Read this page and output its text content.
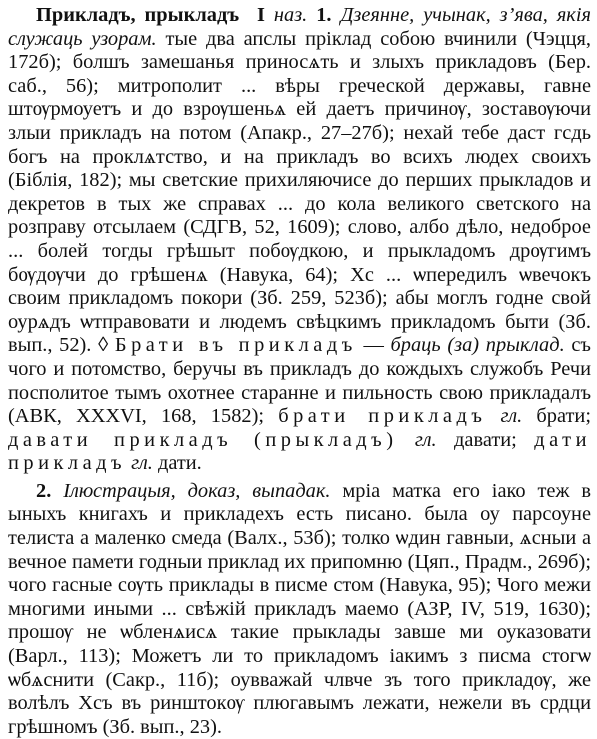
Прикладъ, прыкладъ I наз. 1. Дзеянне, учынак, з’ява, якія служаць узорам. тые два апслы прiклад собою вчинили (Чэцця, 172б); болшъ замешанья приносѧть и злыхъ прикладовъ (Бер. саб., 56); митрополит ... вѣры греческой державы, гавне штѹрмоуетъ и до взрѹшеньѧ ей даетъ причинѹ, зоставѹючи злыи прикладъ на потом (Апакр., 27–27б); нехай тебе даст гсдь богъ на проклѧтство, и на прикладъ во всихъ людех своихъ (Бiблiя, 182); мы светские прихиляючисе до перших прыкладов и декретов в тых же справах ... до кола великого светского на розправу отсылаем (СДГВ, 52, 1609); слово, албо дѣло, недоброе ... болей тогды грѣшыт побѹдкою, и прыкладомъ дрѹгимъ бѹдѹчи до грѣшенѧ (Навука, 64); Хс ... ѡпередилъ ѡвечокъ своим прикладомъ покори (Зб. 259, 523б); абы моглъ годне свой оурѧдъ ѡтправовати и людемъ свѣцкимъ прикладомъ быти (Зб. вып., 52). ◊ Брати въ прикладъ — браць (за) прыклад. съ чого и потомство, беручы въ прикладъ до кождыхъ служобъ Речи посполитое тымъ охотнее старанне и пильность свою прикладалъ (АВК, XXXVI, 168, 1582); брати прикладъ гл. брати; давати прикладъ (прыкладъ) гл. давати; дати прикладъ гл. дати.

2. Ілюстрацыя, доказ, выпадак. мрiа матка его iако теж в ыныхъ книгахъ и прикладехъ есть писано. была оу парсоуне телиста а маленко смеда (Валх., 53б); толко ѡдин гавныи, ѧсныи а вечное памети годныи приклад их припомню (Цяп., Прадм., 269б); чого гасные сѹть приклады в писме стом (Навука, 95); Чого межи многими иными ... свѣжiй прикладъ маемо (АЗР, IV, 519, 1630); прошѹ не ѡбленѧисѧ такие прыклады завше ми оуказовати (Варл., 113); Можетъ ли то прикладомъ iакимъ з писма стогѡ ѡбѧснити (Сакр., 11б); оувважай члвче зъ того прикладѹ, же волѣлъ Хсъ въ ринштокѹ плюгавымъ лежати, нежели въ срдци грѣшномъ (Зб. вып., 23).
